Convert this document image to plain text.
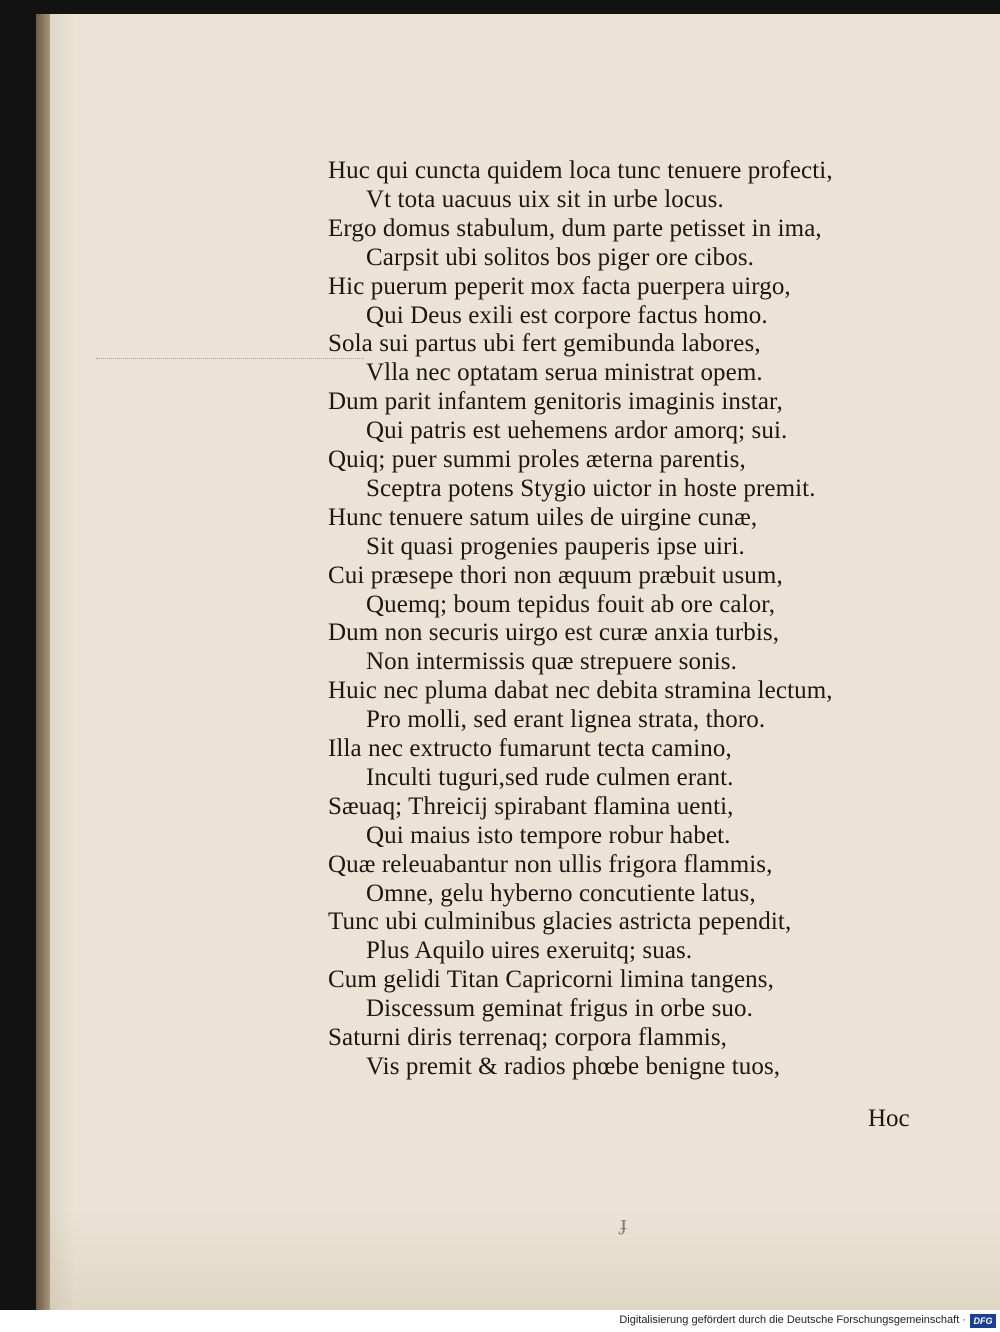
Huc qui cuncta quidem loca tunc tenuere profecti,
Vt tota uacuus uix sit in urbe locus.
Ergo domus stabulum, dum parte petisset in ima,
Carpsit ubi solitos bos piger ore cibos.
Hic puerum peperit mox facta puerpera uirgo,
Qui Deus exili est corpore factus homo.
Sola sui partus ubi fert gemibunda labores,
Vlla nec optatam serua ministrat opem.
Dum parit infantem genitoris imaginis instar,
Qui patris est uehemens ardor amorq; sui.
Quiq; puer summi proles æterna parentis,
Sceptra potens Stygio uictor in hoste premit.
Hunc tenuere satum uiles de uirgine cunæ,
Sit quasi progenies pauperis ipse uiri.
Cui præsepe thori non æquum præbuit usum,
Quemq; boum tepidus fouit ab ore calor,
Dum non securis uirgo est curæ anxia turbis,
Non intermissis quæ strepuere sonis.
Huic nec pluma dabat nec debita stramina lectum,
Pro molli, sed erant lignea strata, thoro.
Illa nec extructo fumarunt tecta camino,
Inculti tuguri,sed rude culmen erant.
Sæuaq; Threicij spirabant flamina uenti,
Qui maius isto tempore robur habet.
Quæ releuabantur non ullis frigora flammis,
Omne, gelu hyberno concutiente latus,
Tunc ubi culminibus glacies astricta pependit,
Plus Aquilo uires exeruitq; suas.
Cum gelidi Titan Capricorni limina tangens,
Discessum geminat frigus in orbe suo.
Saturni diris terrenaq; corpora flammis,
Vis premit & radios phœbe benigne tuos,
Hoc
ɟ
Digitalisierung gefördert durch die Deutsche Forschungsgemeinschaft · DFG
